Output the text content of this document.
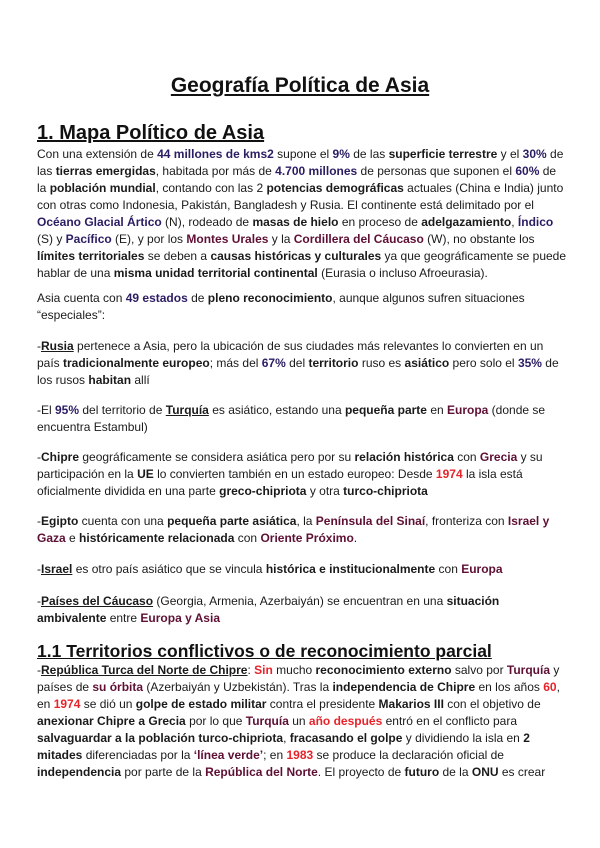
Geografía Política de Asia
1. Mapa Político de Asia

Con una extensión de 44 millones de kms2 supone el 9% de las superficie terrestre y el 30% de las tierras emergidas, habitada por más de 4.700 millones de personas que suponen el 60% de la población mundial, contando con las 2 potencias demográficas actuales (China e India) junto con otras como Indonesia, Pakistán, Bangladesh y Rusia. El continente está delimitado por el Océano Glacial Ártico (N), rodeado de masas de hielo en proceso de adelgazamiento, Índico (S) y Pacífico (E), y por los Montes Urales y la Cordillera del Cáucaso (W), no obstante los límites territoriales se deben a causas históricas y culturales ya que geográficamente se puede hablar de una misma unidad territorial continental (Eurasia o incluso Afroeurasia).

Asia cuenta con 49 estados de pleno reconocimiento, aunque algunos sufren situaciones “especiales”:

-Rusia pertenece a Asia, pero la ubicación de sus ciudades más relevantes lo convierten en un país tradicionalmente europeo; más del 67% del territorio ruso es asiático pero solo el 35% de los rusos habitan allí

-El 95% del territorio de Turquía es asiático, estando una pequeña parte en Europa (donde se encuentra Estambul)

-Chipre geográficamente se considera asiática pero por su relación histórica con Grecia y su participación en la UE lo convierten también en un estado europeo: Desde 1974 la isla está oficialmente dividida en una parte greco-chipriota y otra turco-chipriota

-Egipto cuenta con una pequeña parte asiática, la Península del Sinaí, fronteriza con Israel y Gaza e históricamente relacionada con Oriente Próximo.

-Israel es otro país asiático que se vincula histórica e institucionalmente con Europa

-Países del Cáucaso (Georgia, Armenia, Azerbaiyán) se encuentran en una situación ambivalente entre Europa y Asia

1.1 Territorios conflictivos o de reconocimiento parcial

-República Turca del Norte de Chipre: Sin mucho reconocimiento externo salvo por Turquía y países de su órbita (Azerbaiyán y Uzbekistán). Tras la independencia de Chipre en los años 60, en 1974 se dió un golpe de estado militar contra el presidente Makarios III con el objetivo de anexionar Chipre a Grecia por lo que Turquía un año después entró en el conflicto para salvaguardar a la población turco-chipriota, fracasando el golpe y dividiendo la isla en 2 mitades diferenciadas por la ‘línea verde’; en 1983 se produce la declaración oficial de independencia por parte de la República del Norte. El proyecto de futuro de la ONU es crear
